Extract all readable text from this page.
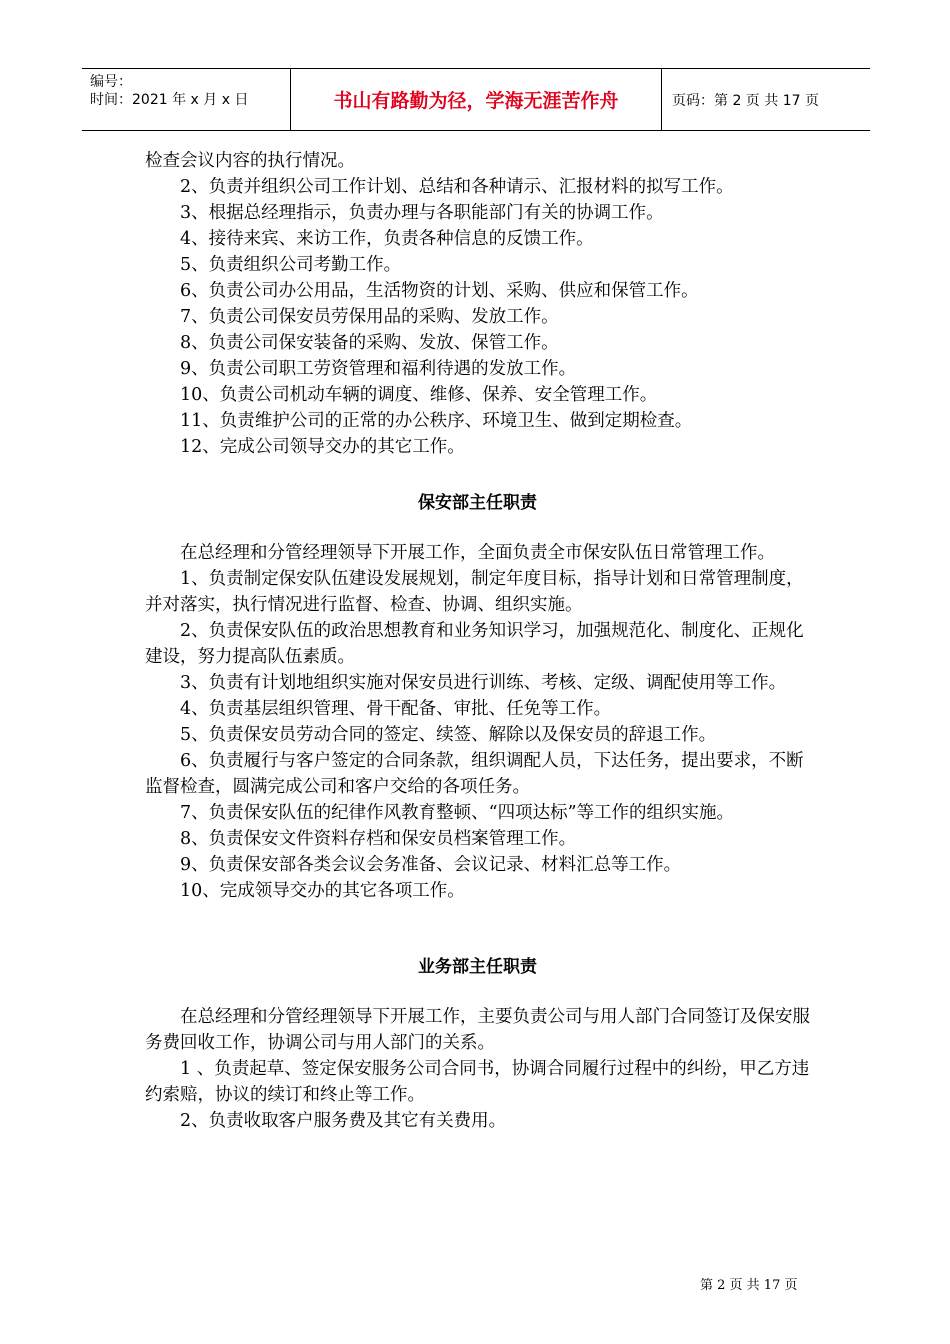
编号：
时间：2021 年 x 月 x 日	书山有路勤为径，学海无涯苦作舟	页码：第 2 页 共 17 页

检查会议内容的执行情况。

2、负责并组织公司工作计划、总结和各种请示、汇报材料的拟写工作。

3、根据总经理指示，负责办理与各职能部门有关的协调工作。

4、接待来宾、来访工作，负责各种信息的反馈工作。

5、负责组织公司考勤工作。

6、负责公司办公用品，生活物资的计划、采购、供应和保管工作。

7、负责公司保安员劳保用品的采购、发放工作。

8、负责公司保安装备的采购、发放、保管工作。

9、负责公司职工劳资管理和福利待遇的发放工作。

10、负责公司机动车辆的调度、维修、保养、安全管理工作。

11、负责维护公司的正常的办公秩序、环境卫生、做到定期检查。

12、完成公司领导交办的其它工作。

保安部主任职责

在总经理和分管经理领导下开展工作，全面负责全市保安队伍日常管理工作。

1、负责制定保安队伍建设发展规划，制定年度目标，指导计划和日常管理制度，并对落实，执行情况进行监督、检查、协调、组织实施。

2、负责保安队伍的政治思想教育和业务知识学习，加强规范化、制度化、正规化建设，努力提高队伍素质。

3、负责有计划地组织实施对保安员进行训练、考核、定级、调配使用等工作。

4、负责基层组织管理、骨干配备、审批、任免等工作。

5、负责保安员劳动合同的签定、续签、解除以及保安员的辞退工作。

6、负责履行与客户签定的合同条款，组织调配人员，下达任务，提出要求，不断监督检查，圆满完成公司和客户交给的各项任务。

7、负责保安队伍的纪律作风教育整顿、“四项达标”等工作的组织实施。

8、负责保安文件资料存档和保安员档案管理工作。

9、负责保安部各类会议会务准备、会议记录、材料汇总等工作。

10、完成领导交办的其它各项工作。

业务部主任职责

在总经理和分管经理领导下开展工作，主要负责公司与用人部门合同签订及保安服务费回收工作，协调公司与用人部门的关系。

1 、负责起草、签定保安服务公司合同书，协调合同履行过程中的纠纷，甲乙方违约索赔，协议的续订和终止等工作。

2、负责收取客户服务费及其它有关费用。

第 2 页 共 17 页
